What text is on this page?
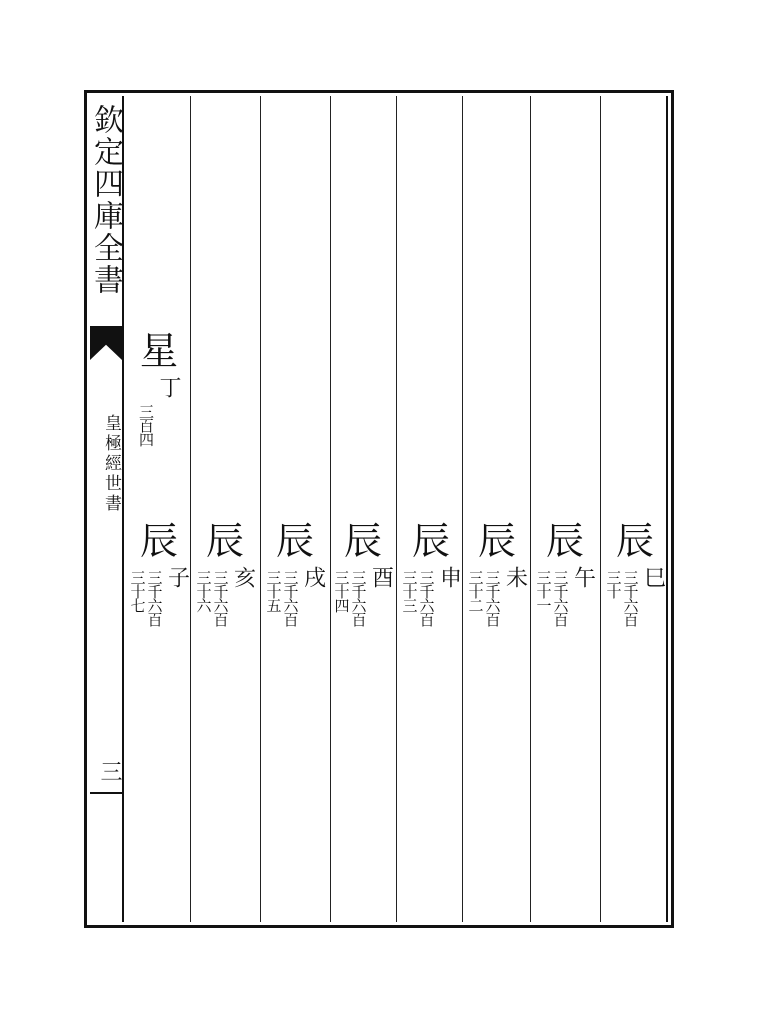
欽定四庫全書
皇極經世書
三
星
丁
三百四
辰
子
三千六百
三十七
辰
亥
三千六百
三十六
辰
戌
三千六百
三十五
辰
酉
三千六百
三十四
辰
申
三千六百
三十三
辰
未
三千六百
三十二
辰
午
三千六百
三十一
辰
巳
三千六百
三十
